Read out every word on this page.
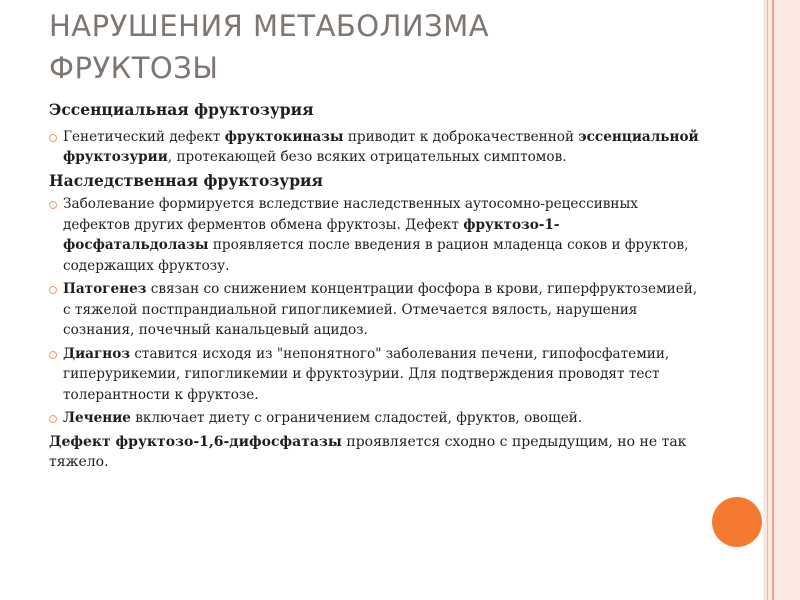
НАРУШЕНИЯ МЕТАБОЛИЗМА
ФРУКТОЗЫ
Эссенциальная фруктозурия
Генетический дефект фруктокиназы приводит к доброкачественной эссенциальной фруктозурии, протекающей безо всяких отрицательных симптомов.
Наследственная фруктозурия
Заболевание формируется вследствие наследственных аутосомно-рецессивных дефектов других ферментов обмена фруктозы. Дефект фруктозо-1-фосфатальдолазы проявляется после введения в рацион младенца соков и фруктов, содержащих фруктозу.
Патогенез связан со снижением концентрации фосфора в крови, гиперфруктоземией, с тяжелой постпрандиальной гипогликемией. Отмечается вялость, нарушения сознания, почечный канальцевый ацидоз.
Диагноз ставится исходя из "непонятного" заболевания печени, гипофосфатемии, гиперурикемии, гипогликемии и фруктозурии. Для подтверждения проводят тест толерантности к фруктозе.
Лечение включает диету с ограничением сладостей, фруктов, овощей.
Дефект фруктозо-1,6-дифосфатазы проявляется сходно с предыдущим, но не так тяжело.
